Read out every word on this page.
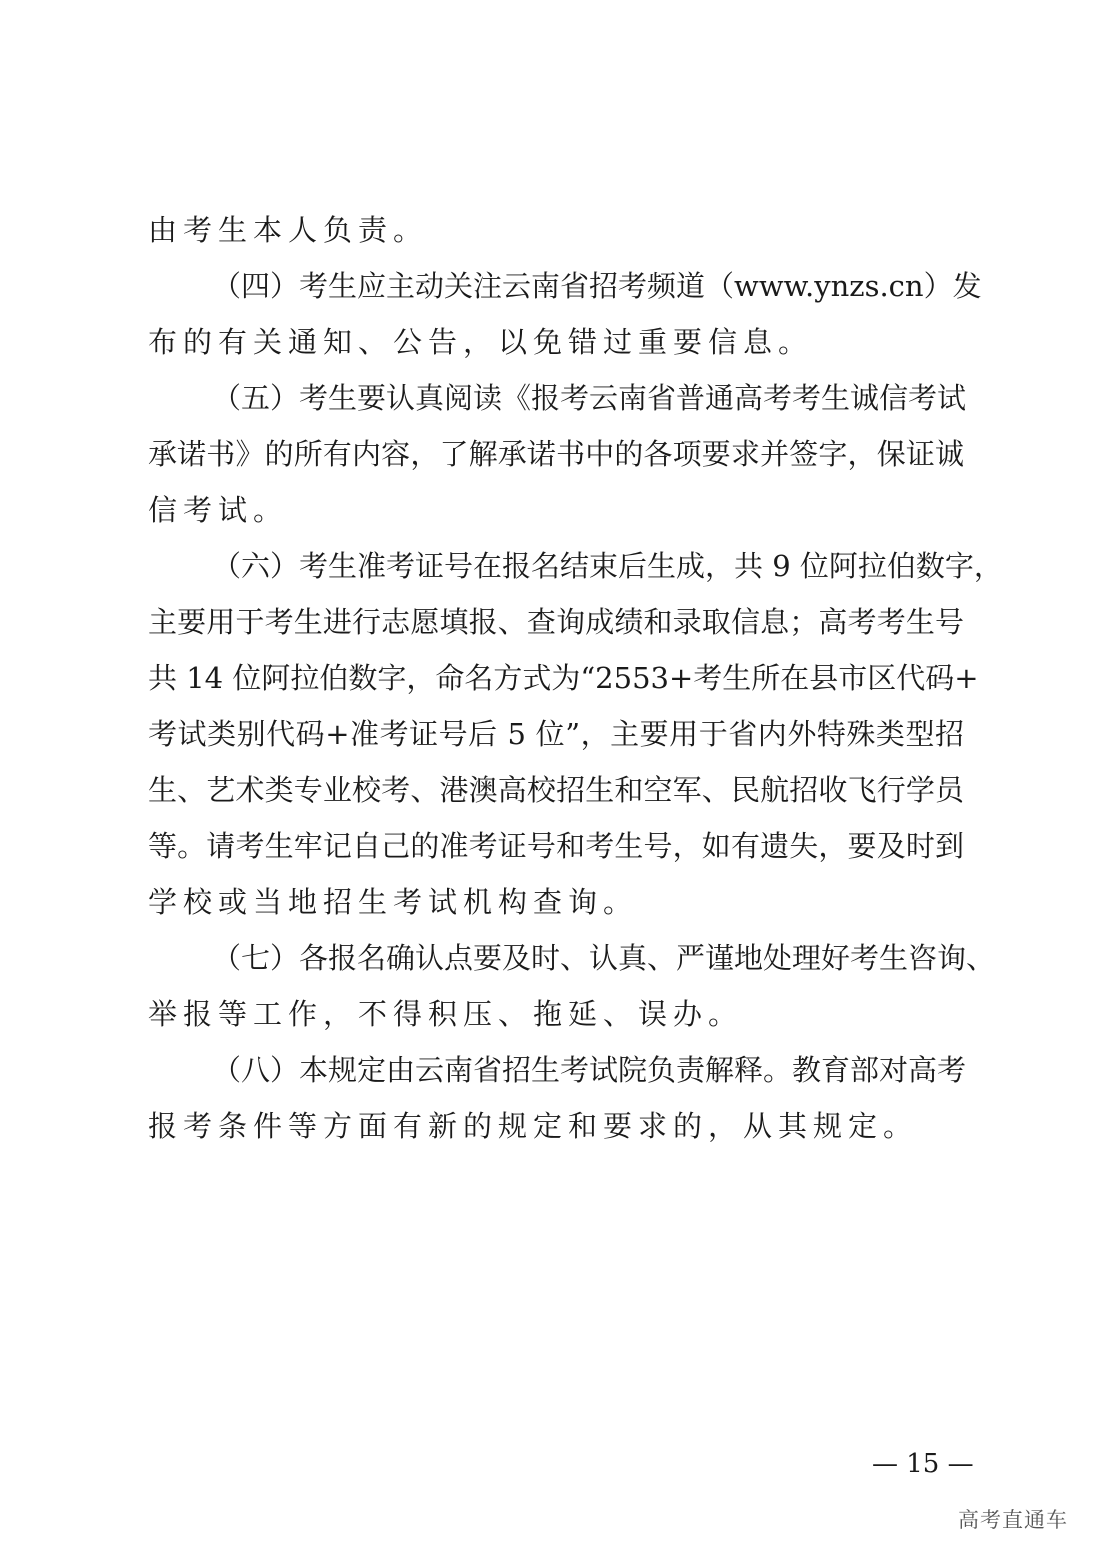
由考生本人负责。
（四）考生应主动关注云南省招考频道（www.ynzs.cn）发
布的有关通知、公告，以免错过重要信息。
（五）考生要认真阅读《报考云南省普通高考考生诚信考试
承诺书》的所有内容，了解承诺书中的各项要求并签字，保证诚
信考试。
（六）考生准考证号在报名结束后生成，共 9 位阿拉伯数字，
主要用于考生进行志愿填报、查询成绩和录取信息；高考考生号
共 14 位阿拉伯数字，命名方式为“2553+考生所在县市区代码+
考试类别代码+准考证号后 5 位”，主要用于省内外特殊类型招
生、艺术类专业校考、港澳高校招生和空军、民航招收飞行学员
等。请考生牢记自己的准考证号和考生号，如有遗失，要及时到
学校或当地招生考试机构查询。
（七）各报名确认点要及时、认真、严谨地处理好考生咨询、
举报等工作，不得积压、拖延、误办。
（八）本规定由云南省招生考试院负责解释。教育部对高考
报考条件等方面有新的规定和要求的，从其规定。
— 15 —
高考直通车
